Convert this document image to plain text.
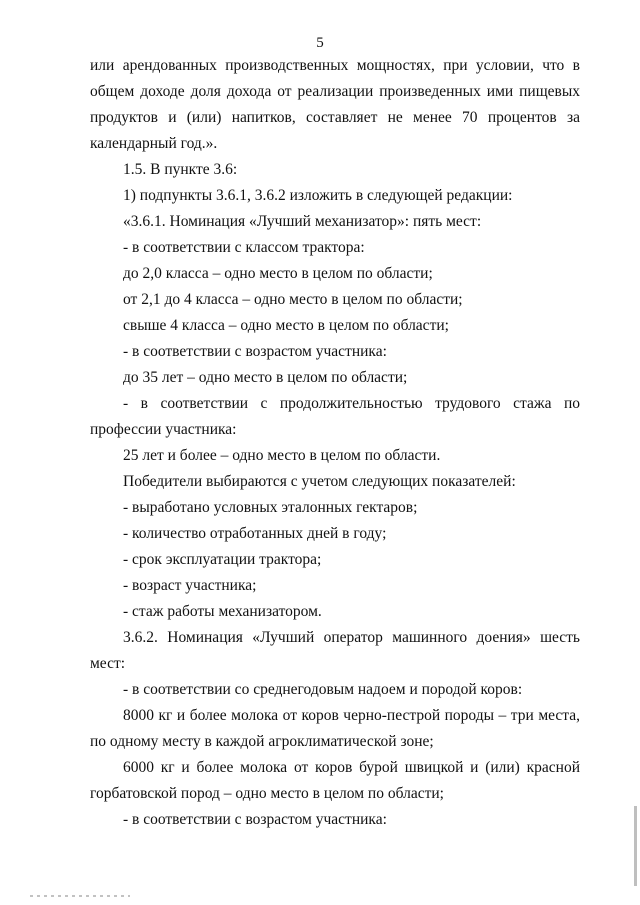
5
или арендованных производственных мощностях, при условии, что в
общем доходе доля дохода от реализации произведенных ими пищевых
продуктов и (или) напитков, составляет не менее 70 процентов за
календарный год.».
1.5. В пункте 3.6:
1) подпункты 3.6.1, 3.6.2 изложить в следующей редакции:
«3.6.1. Номинация «Лучший механизатор»: пять мест:
- в соответствии с классом трактора:
до 2,0 класса – одно место в целом по области;
от 2,1 до 4 класса – одно место в целом по области;
свыше 4 класса – одно место в целом по области;
- в соответствии с возрастом участника:
до 35 лет – одно место в целом по области;
- в соответствии с продолжительностью трудового стажа по
профессии участника:
25 лет и более – одно место в целом по области.
Победители выбираются с учетом следующих показателей:
- выработано условных эталонных гектаров;
- количество отработанных дней в году;
- срок эксплуатации трактора;
- возраст участника;
- стаж работы механизатором.
3.6.2. Номинация «Лучший оператор машинного доения» шесть
мест:
- в соответствии со среднегодовым надоем и породой коров:
8000 кг и более молока от коров черно-пестрой породы – три места,
по одному месту в каждой агроклиматической зоне;
6000 кг и более молока от коров бурой швицкой и (или) красной
горбатовской пород – одно место в целом по области;
- в соответствии с возрастом участника:
